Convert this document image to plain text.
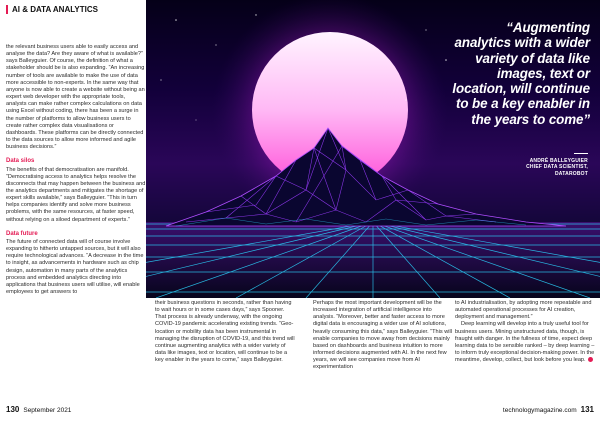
AI & DATA ANALYTICS

the relevant business users able to easily access and analyse the data? Are they aware of what is available?” says Balleyguier. Of course, the definition of what a stakeholder should be is also expanding. “An increasing number of tools are available to make the use of data more accessible to non-experts. In the same way that anyone is now able to create a website without being an expert web developer with the appropriate tools, analysts can make rather complex calculations on data using Excel without coding, there has been a surge in the number of platforms to allow business users to create rather complex data visualisations or dashboards. These platforms can be directly connected to the data sources to allow more informed and agile business decisions.”

Data silos

The benefits of that democratisation are manifold. “Democratising access to analytics helps resolve the disconnects that may happen between the business and the analytics departments and mitigates the shortage of expert skills available,” says Balleyguier. “This in turn helps companies identify and solve more business problems, with the same resources, at faster speed, without relying on a siloed department of experts.”

Data future

The future of connected data will of course involve expanding to hitherto untapped sources, but it will also require technological advances. “A decrease in the time to insight, as advancements in hardware such as chip design, automation in many parts of the analytics process and embedded analytics directing into applications that business users will utilise, will enable employees to get answers to

their business questions in seconds, rather than having to wait hours or in some cases days,” says Spooner. That process is already underway, with the ongoing COVID-19 pandemic accelerating existing trends. “Geo-location or mobility data has been instrumental in managing the disruption of COVID-19, and this trend will continue augmenting analytics with a wider variety of data like images, text or location, will continue to be a key enabler in the years to come,” says Balleyguier.

Perhaps the most important development will be the increased integration of artificial intelligence into analysis. “Moreover, better and faster access to more digital data is encouraging a wider use of AI solutions, heavily consuming this data,” says Balleyguier. “This will enable companies to move away from decisions mainly based on dashboards and business intuition to more informed decisions augmented with AI. In the next few years, we will see companies move from AI experimentation

to AI industrialisation, by adopting more repeatable and automated operational processes for AI creation, deployment and management.”

Deep learning will develop into a truly useful tool for business users. Mining unstructured data, though, is fraught with danger. In the fullness of time, expect deep learning data to be sensible ranked – by deep learning – to inform truly exceptional decision-making power. In the meantime, develop, collect, but look before you leap.

“Augmenting analytics with a wider variety of data like images, text or location, will continue to be a key enabler in the years to come”
ANDRÉ BALLEYGUIER
CHIEF DATA SCIENTIST,
DATAROBOT
130 September 2021	technologymagazine.com 131
